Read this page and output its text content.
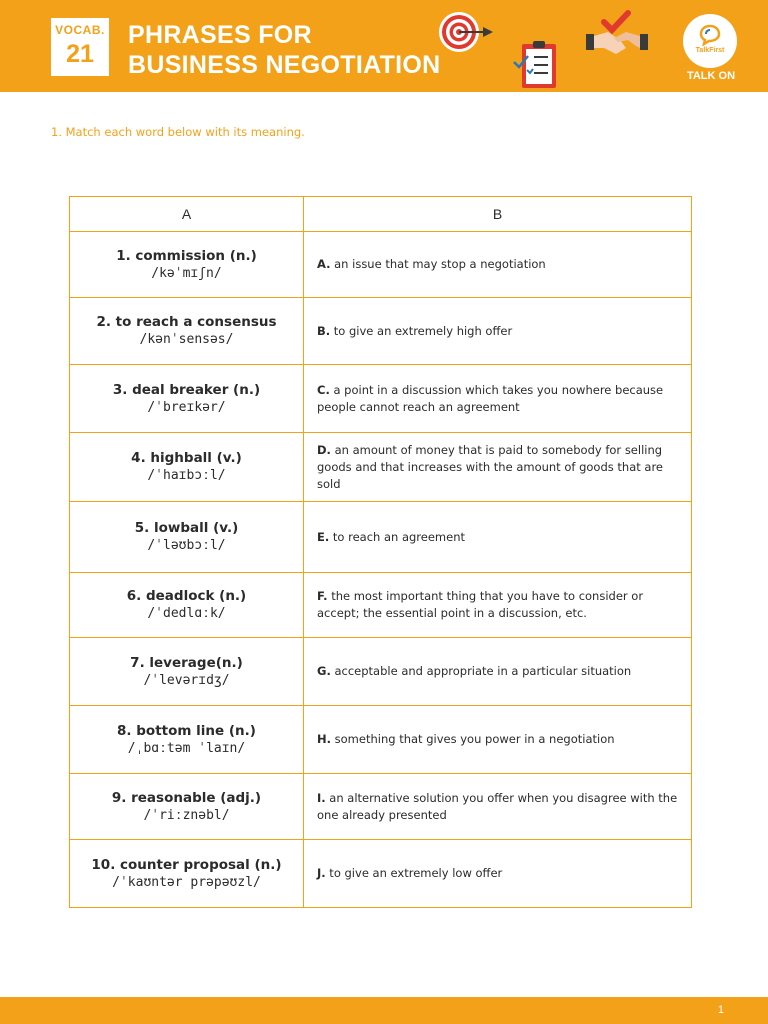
VOCAB.
21
PHRASES FOR
BUSINESS NEGOTIATION
TalkFirst
TALK ON
1. Match each word below with its meaning.
A	B

1. commission (n.)
/kəˈmɪʃn/	A. an issue that may stop a negotiation

2. to reach a consensus
/kənˈsensəs/	B. to give an extremely high offer

3. deal breaker (n.)
/ˈbreɪkər/	C. a point in a discussion which takes you nowhere because people cannot reach an agreement

4. highball (v.)
/ˈhaɪbɔːl/	D. an amount of money that is paid to somebody for selling goods and that increases with the amount of goods that are sold

5. lowball (v.)
/ˈləʊbɔːl/	E. to reach an agreement

6. deadlock (n.)
/ˈdedlɑːk/	F. the most important thing that you have to consider or accept; the essential point in a discussion, etc.

7. leverage(n.)
/ˈlevərɪdʒ/	G. acceptable and appropriate in a particular situation

8. bottom line (n.)
/ˌbɑːtəm ˈlaɪn/	H. something that gives you power in a negotiation

9. reasonable (adj.)
/ˈriːznəbl/	I. an alternative solution you offer when you disagree with the one already presented

10. counter proposal (n.)
/ˈkaʊntər prəpəʊzl/	J. to give an extremely low offer
1
